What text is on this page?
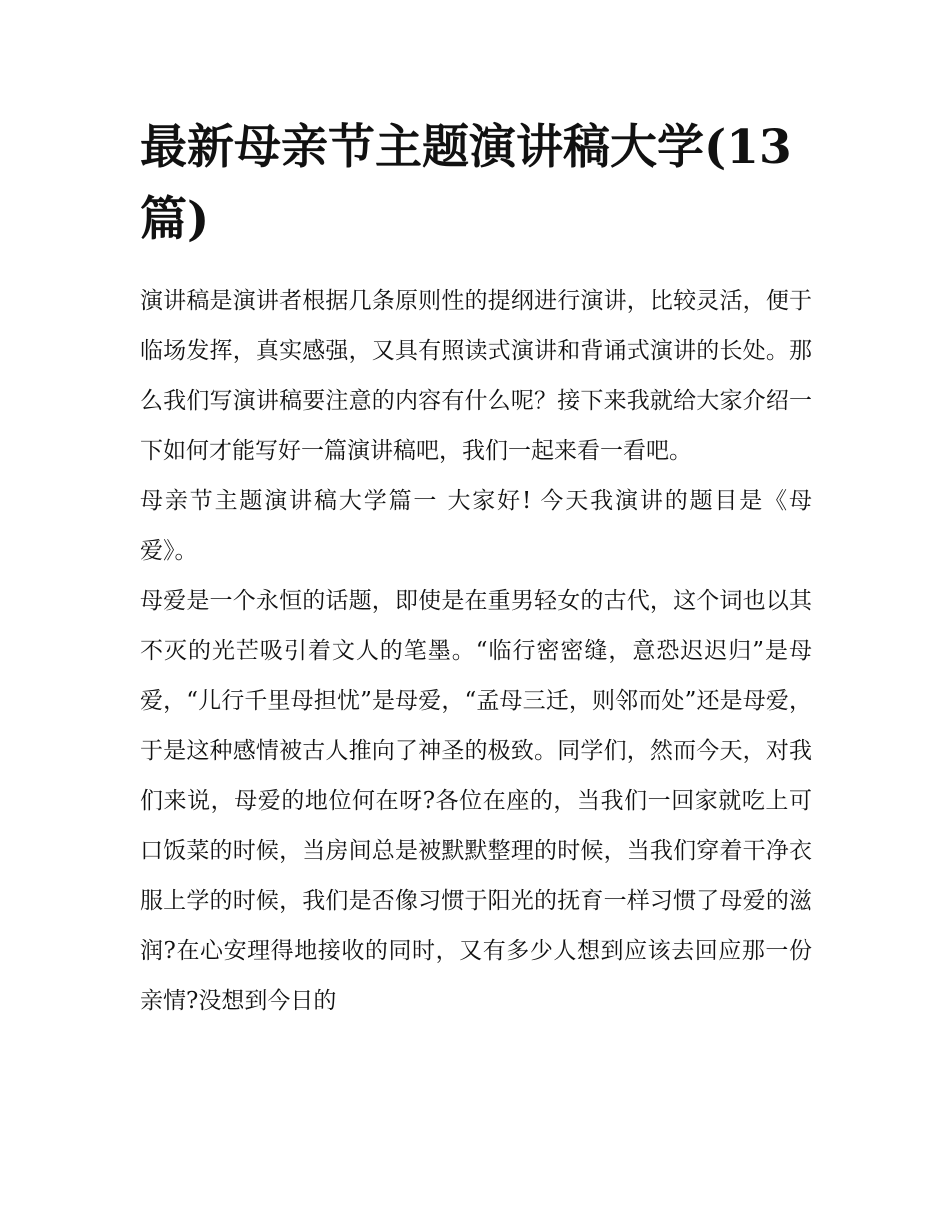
最新母亲节主题演讲稿大学(13篇)

演讲稿是演讲者根据几条原则性的提纲进行演讲，比较灵活，便于临场发挥，真实感强，又具有照读式演讲和背诵式演讲的长处。那么我们写演讲稿要注意的内容有什么呢？接下来我就给大家介绍一下如何才能写好一篇演讲稿吧，我们一起来看一看吧。

母亲节主题演讲稿大学篇一 大家好! 今天我演讲的题目是《母爱》。

母爱是一个永恒的话题，即使是在重男轻女的古代，这个词也以其不灭的光芒吸引着文人的笔墨。“临行密密缝，意恐迟迟归”是母爱，“儿行千里母担忧”是母爱，“孟母三迁，则邻而处”还是母爱，于是这种感情被古人推向了神圣的极致。同学们，然而今天，对我们来说，母爱的地位何在呀?各位在座的，当我们一回家就吃上可口饭菜的时候，当房间总是被默默整理的时候，当我们穿着干净衣服上学的时候，我们是否像习惯于阳光的抚育一样习惯了母爱的滋润?在心安理得地接收的同时，又有多少人想到应该去回应那一份亲情?没想到今日的
